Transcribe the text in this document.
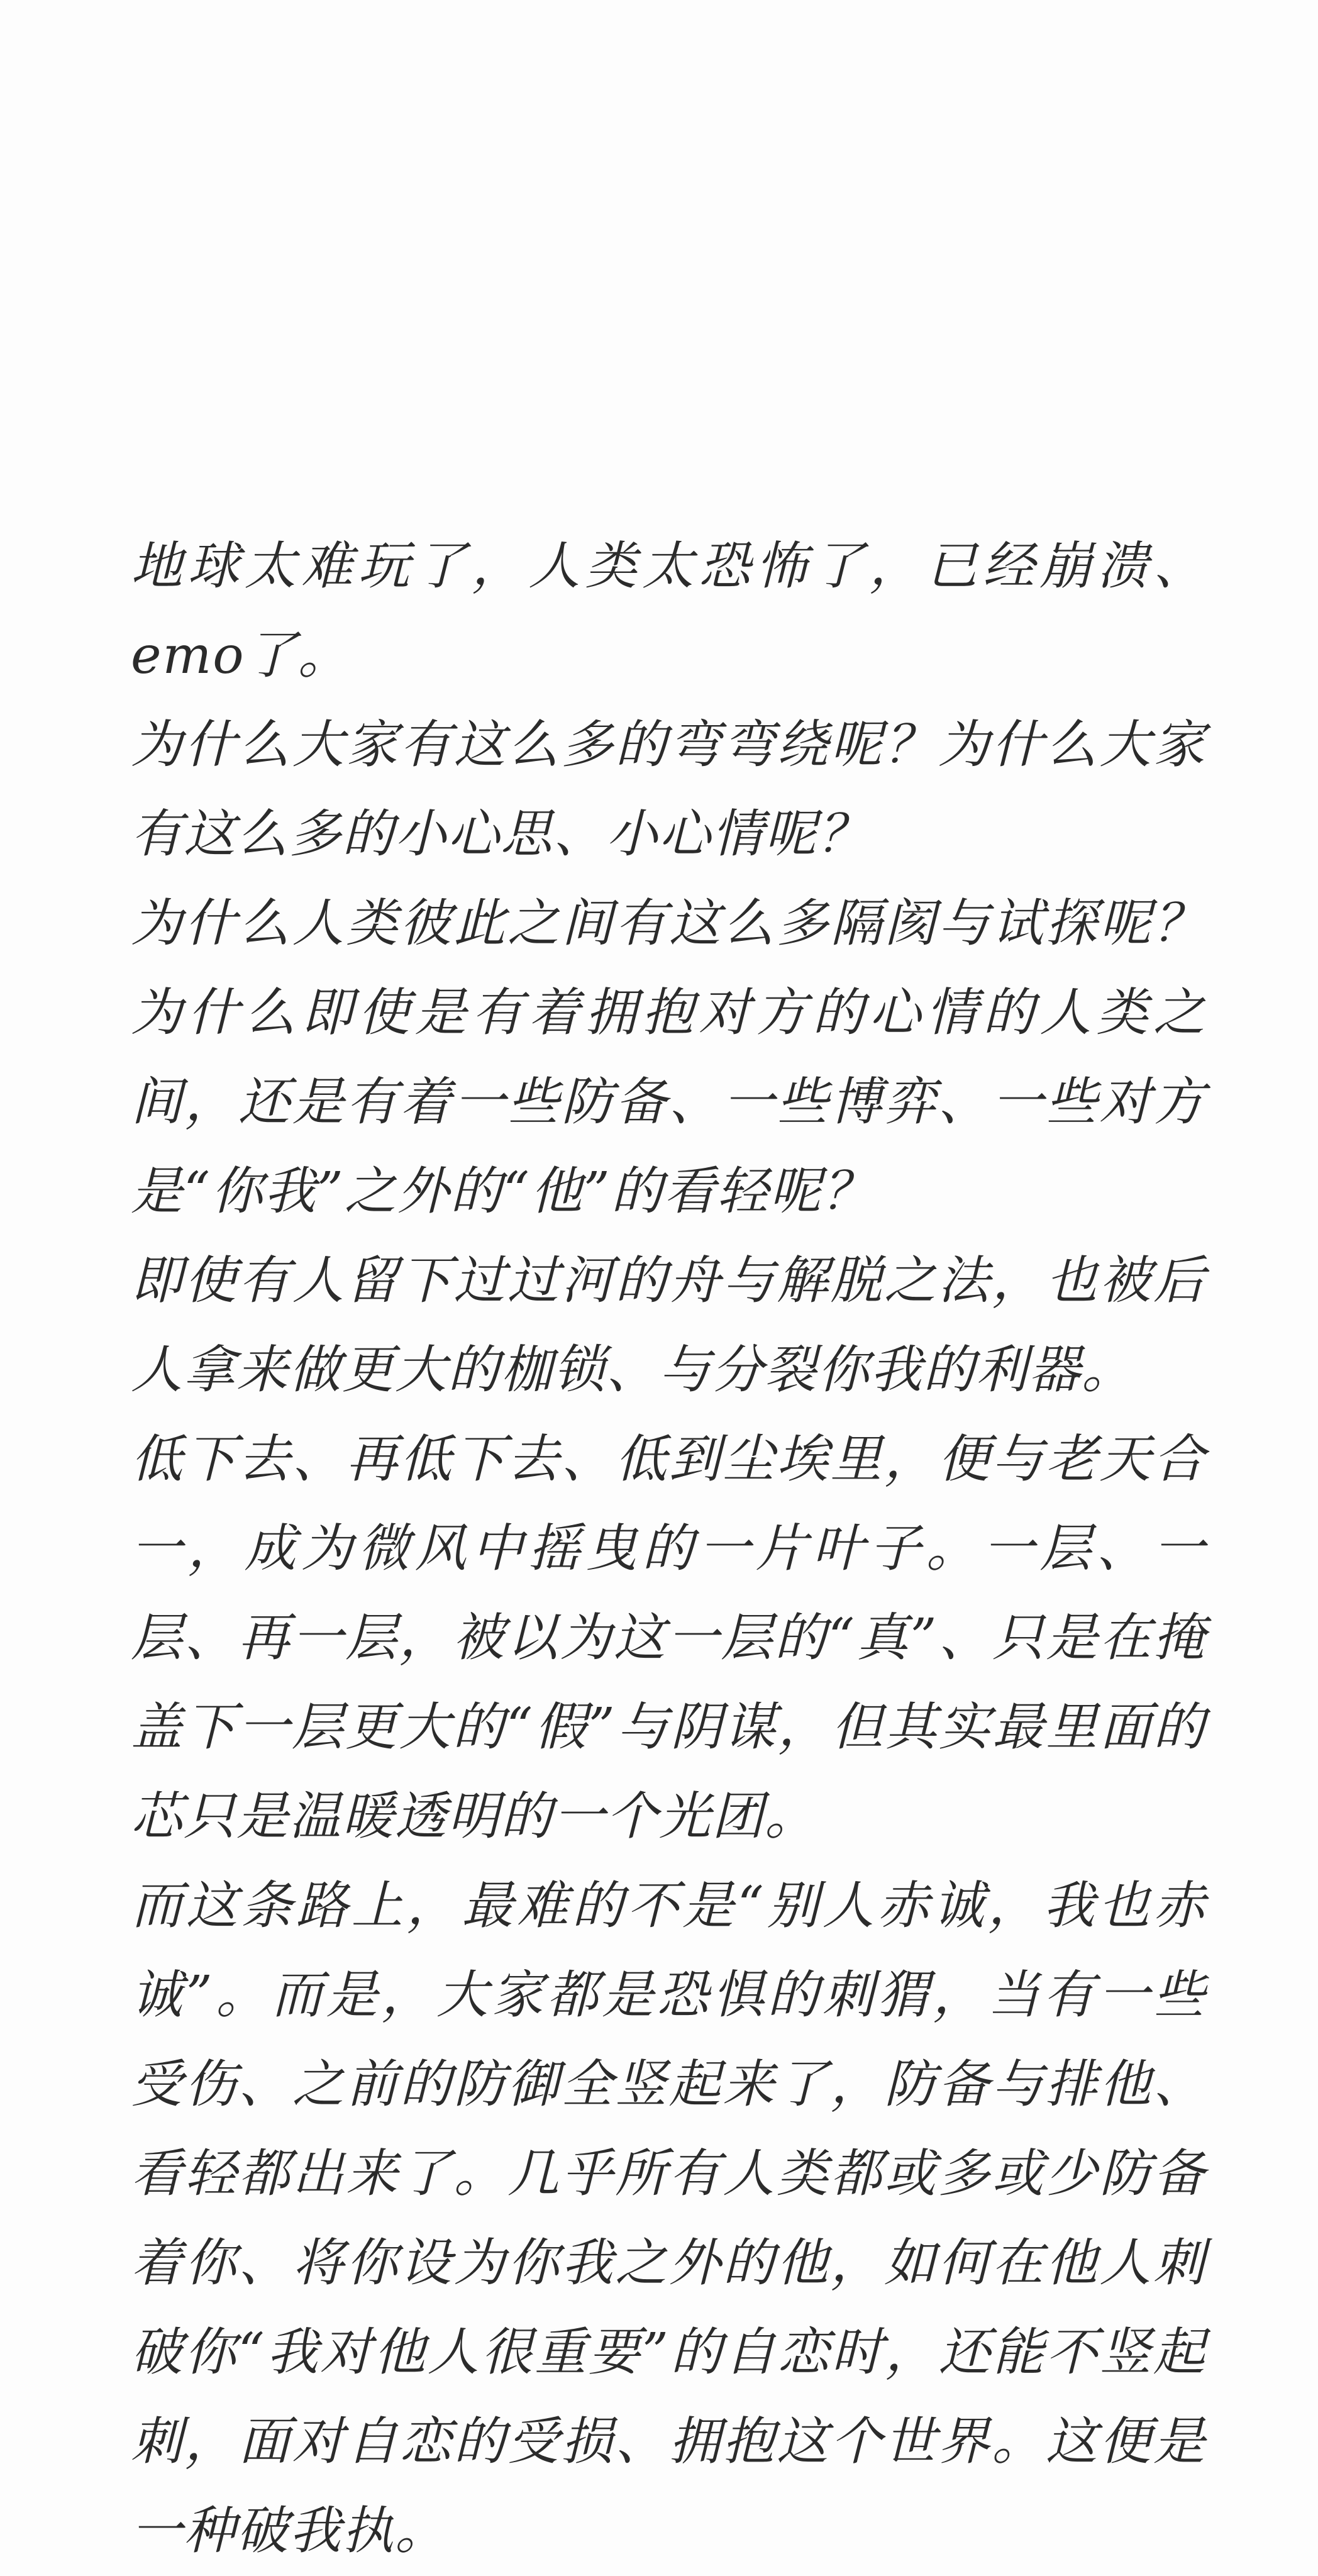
地球太难玩了，人类太恐怖了，已经崩溃、emo了。

为什么大家有这么多的弯弯绕呢？为什么大家有这么多的小心思、小心情呢？

为什么人类彼此之间有这么多隔阂与试探呢？为什么即使是有着拥抱对方的心情的人类之间，还是有着一些防备、一些博弈、一些对方是“你我”之外的“他”的看轻呢？

即使有人留下过过河的舟与解脱之法，也被后人拿来做更大的枷锁、与分裂你我的利器。

低下去、再低下去、低到尘埃里，便与老天合一，成为微风中摇曳的一片叶子。一层、一层、再一层，被以为这一层的“真”、只是在掩盖下一层更大的“假”与阴谋，但其实最里面的芯只是温暖透明的一个光团。

而这条路上，最难的不是“别人赤诚，我也赤诚”。而是，大家都是恐惧的刺猬，当有一些受伤、之前的防御全竖起来了，防备与排他、看轻都出来了。几乎所有人类都或多或少防备着你、将你设为你我之外的他，如何在他人刺破你“我对他人很重要”的自恋时，还能不竖起刺，面对自恋的受损、拥抱这个世界。这便是一种破我执。
